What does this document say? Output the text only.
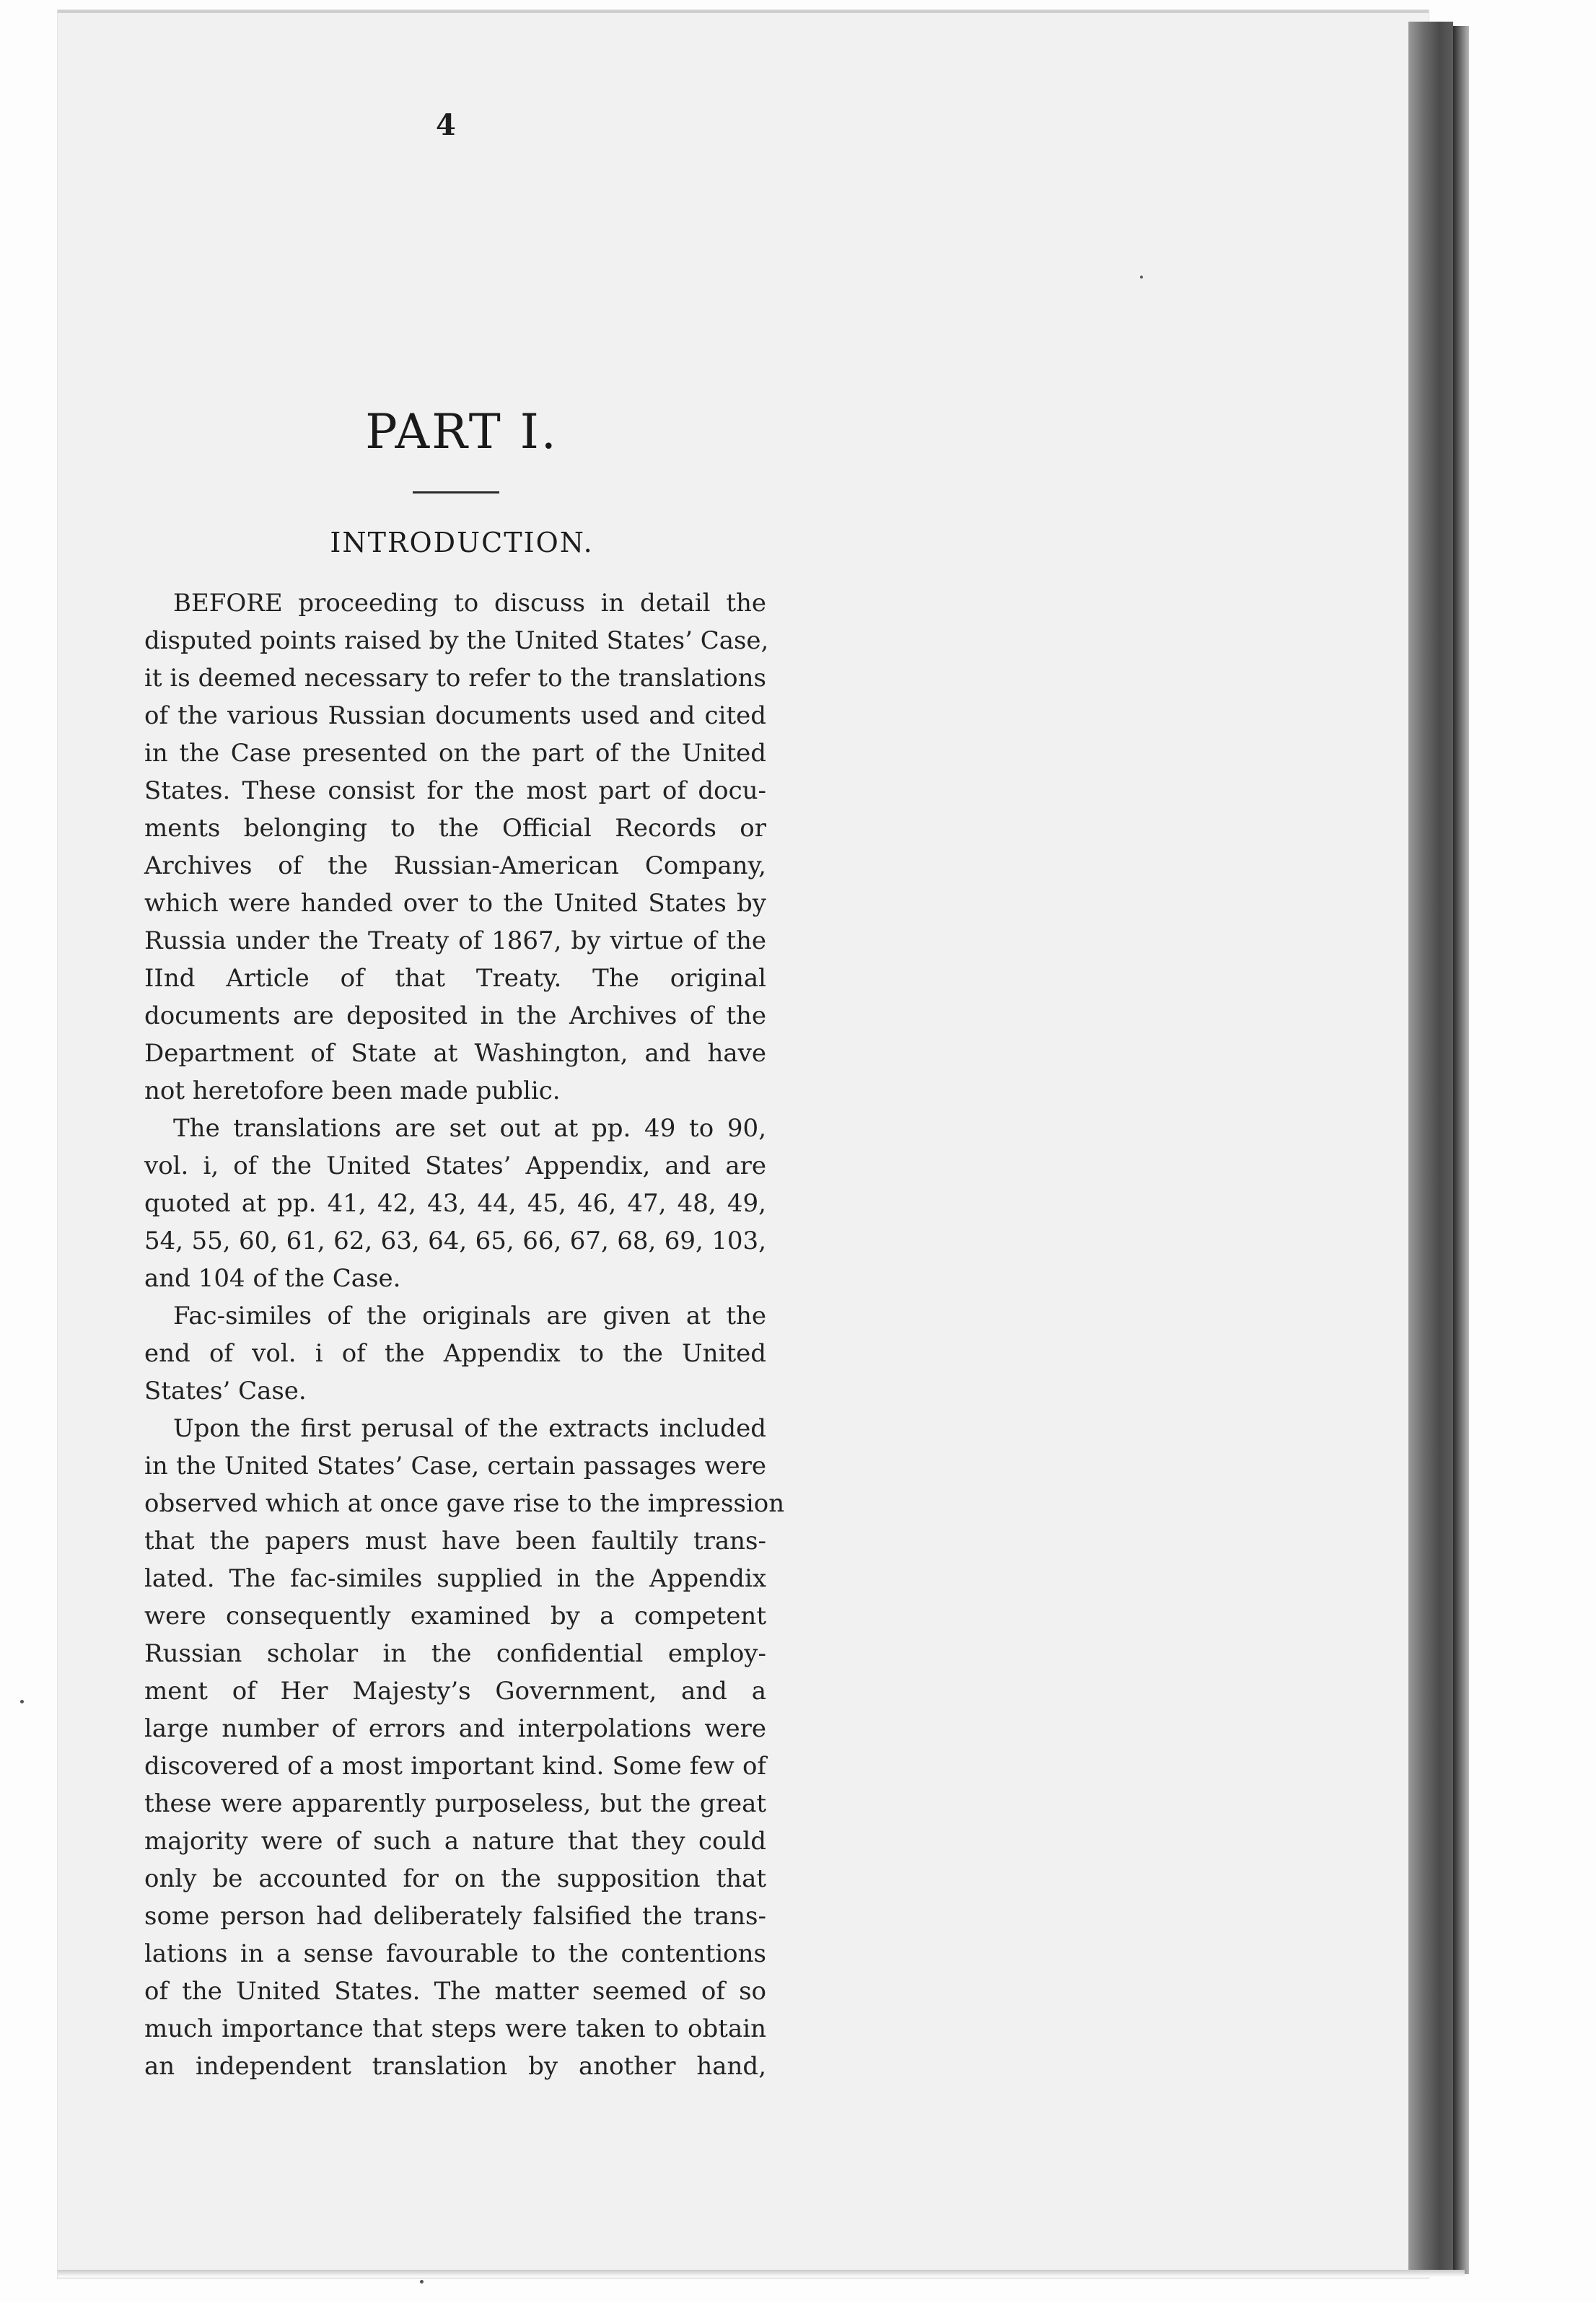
4
PART I.
INTRODUCTION.
BEFORE proceeding to discuss in detail the
disputed points raised by the United States’ Case,
it is deemed necessary to refer to the translations
of the various Russian documents used and cited
in the Case presented on the part of the United
States. These consist for the most part of docu-
ments belonging to the Official Records or
Archives of the Russian-American Company,
which were handed over to the United States by
Russia under the Treaty of 1867, by virtue of the
IInd Article of that Treaty. The original
documents are deposited in the Archives of the
Department of State at Washington, and have
not heretofore been made public.
The translations are set out at pp. 49 to 90,
vol. i, of the United States’ Appendix, and are
quoted at pp. 41, 42, 43, 44, 45, 46, 47, 48, 49,
54, 55, 60, 61, 62, 63, 64, 65, 66, 67, 68, 69, 103,
and 104 of the Case.
Fac-similes of the originals are given at the
end of vol. i of the Appendix to the United
States’ Case.
Upon the first perusal of the extracts included
in the United States’ Case, certain passages were
observed which at once gave rise to the impression
that the papers must have been faultily trans-
lated. The fac-similes supplied in the Appendix
were consequently examined by a competent
Russian scholar in the confidential employ-
ment of Her Majesty’s Government, and a
large number of errors and interpolations were
discovered of a most important kind. Some few of
these were apparently purposeless, but the great
majority were of such a nature that they could
only be accounted for on the supposition that
some person had deliberately falsified the trans-
lations in a sense favourable to the contentions
of the United States. The matter seemed of so
much importance that steps were taken to obtain
an independent translation by another hand,
